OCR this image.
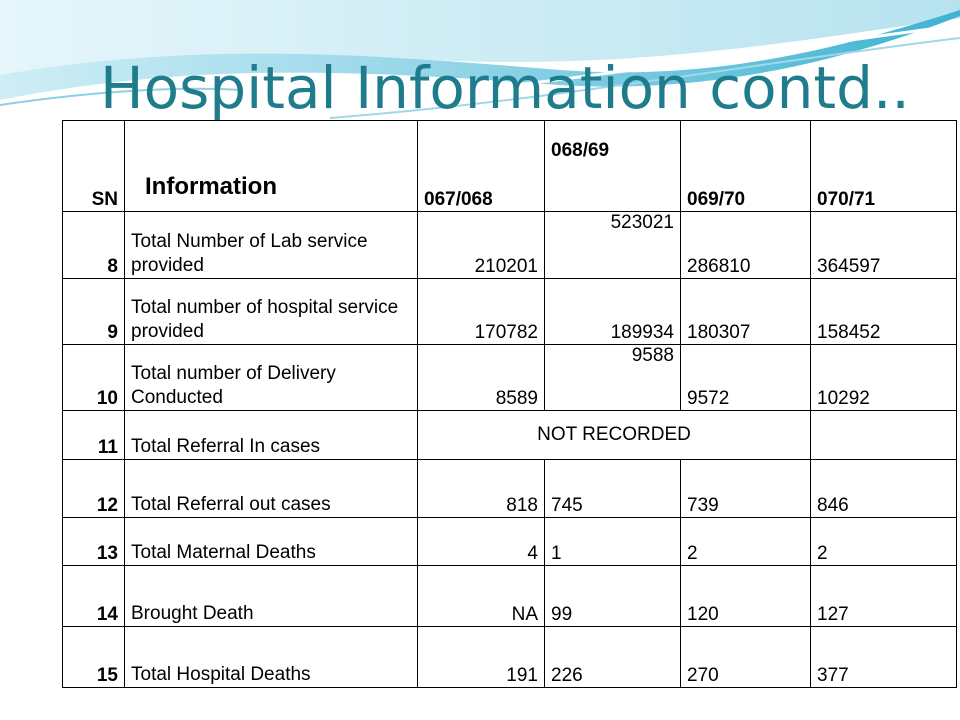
Hospital Information contd..
SN	Information	067/068	068/69	069/70	070/71
8	Total Number of Lab service provided	210201	523021	286810	364597
9	Total number of hospital service provided	170782	189934	180307	158452
10	Total number of Delivery Conducted	8589	9588	9572	10292
11	Total Referral In cases	NOT RECORDED			
12	Total Referral out cases	818	745	739	846
13	Total Maternal Deaths	4	1	2	2
14	Brought Death	NA	99	120	127
15	Total Hospital Deaths	191	226	270	377
